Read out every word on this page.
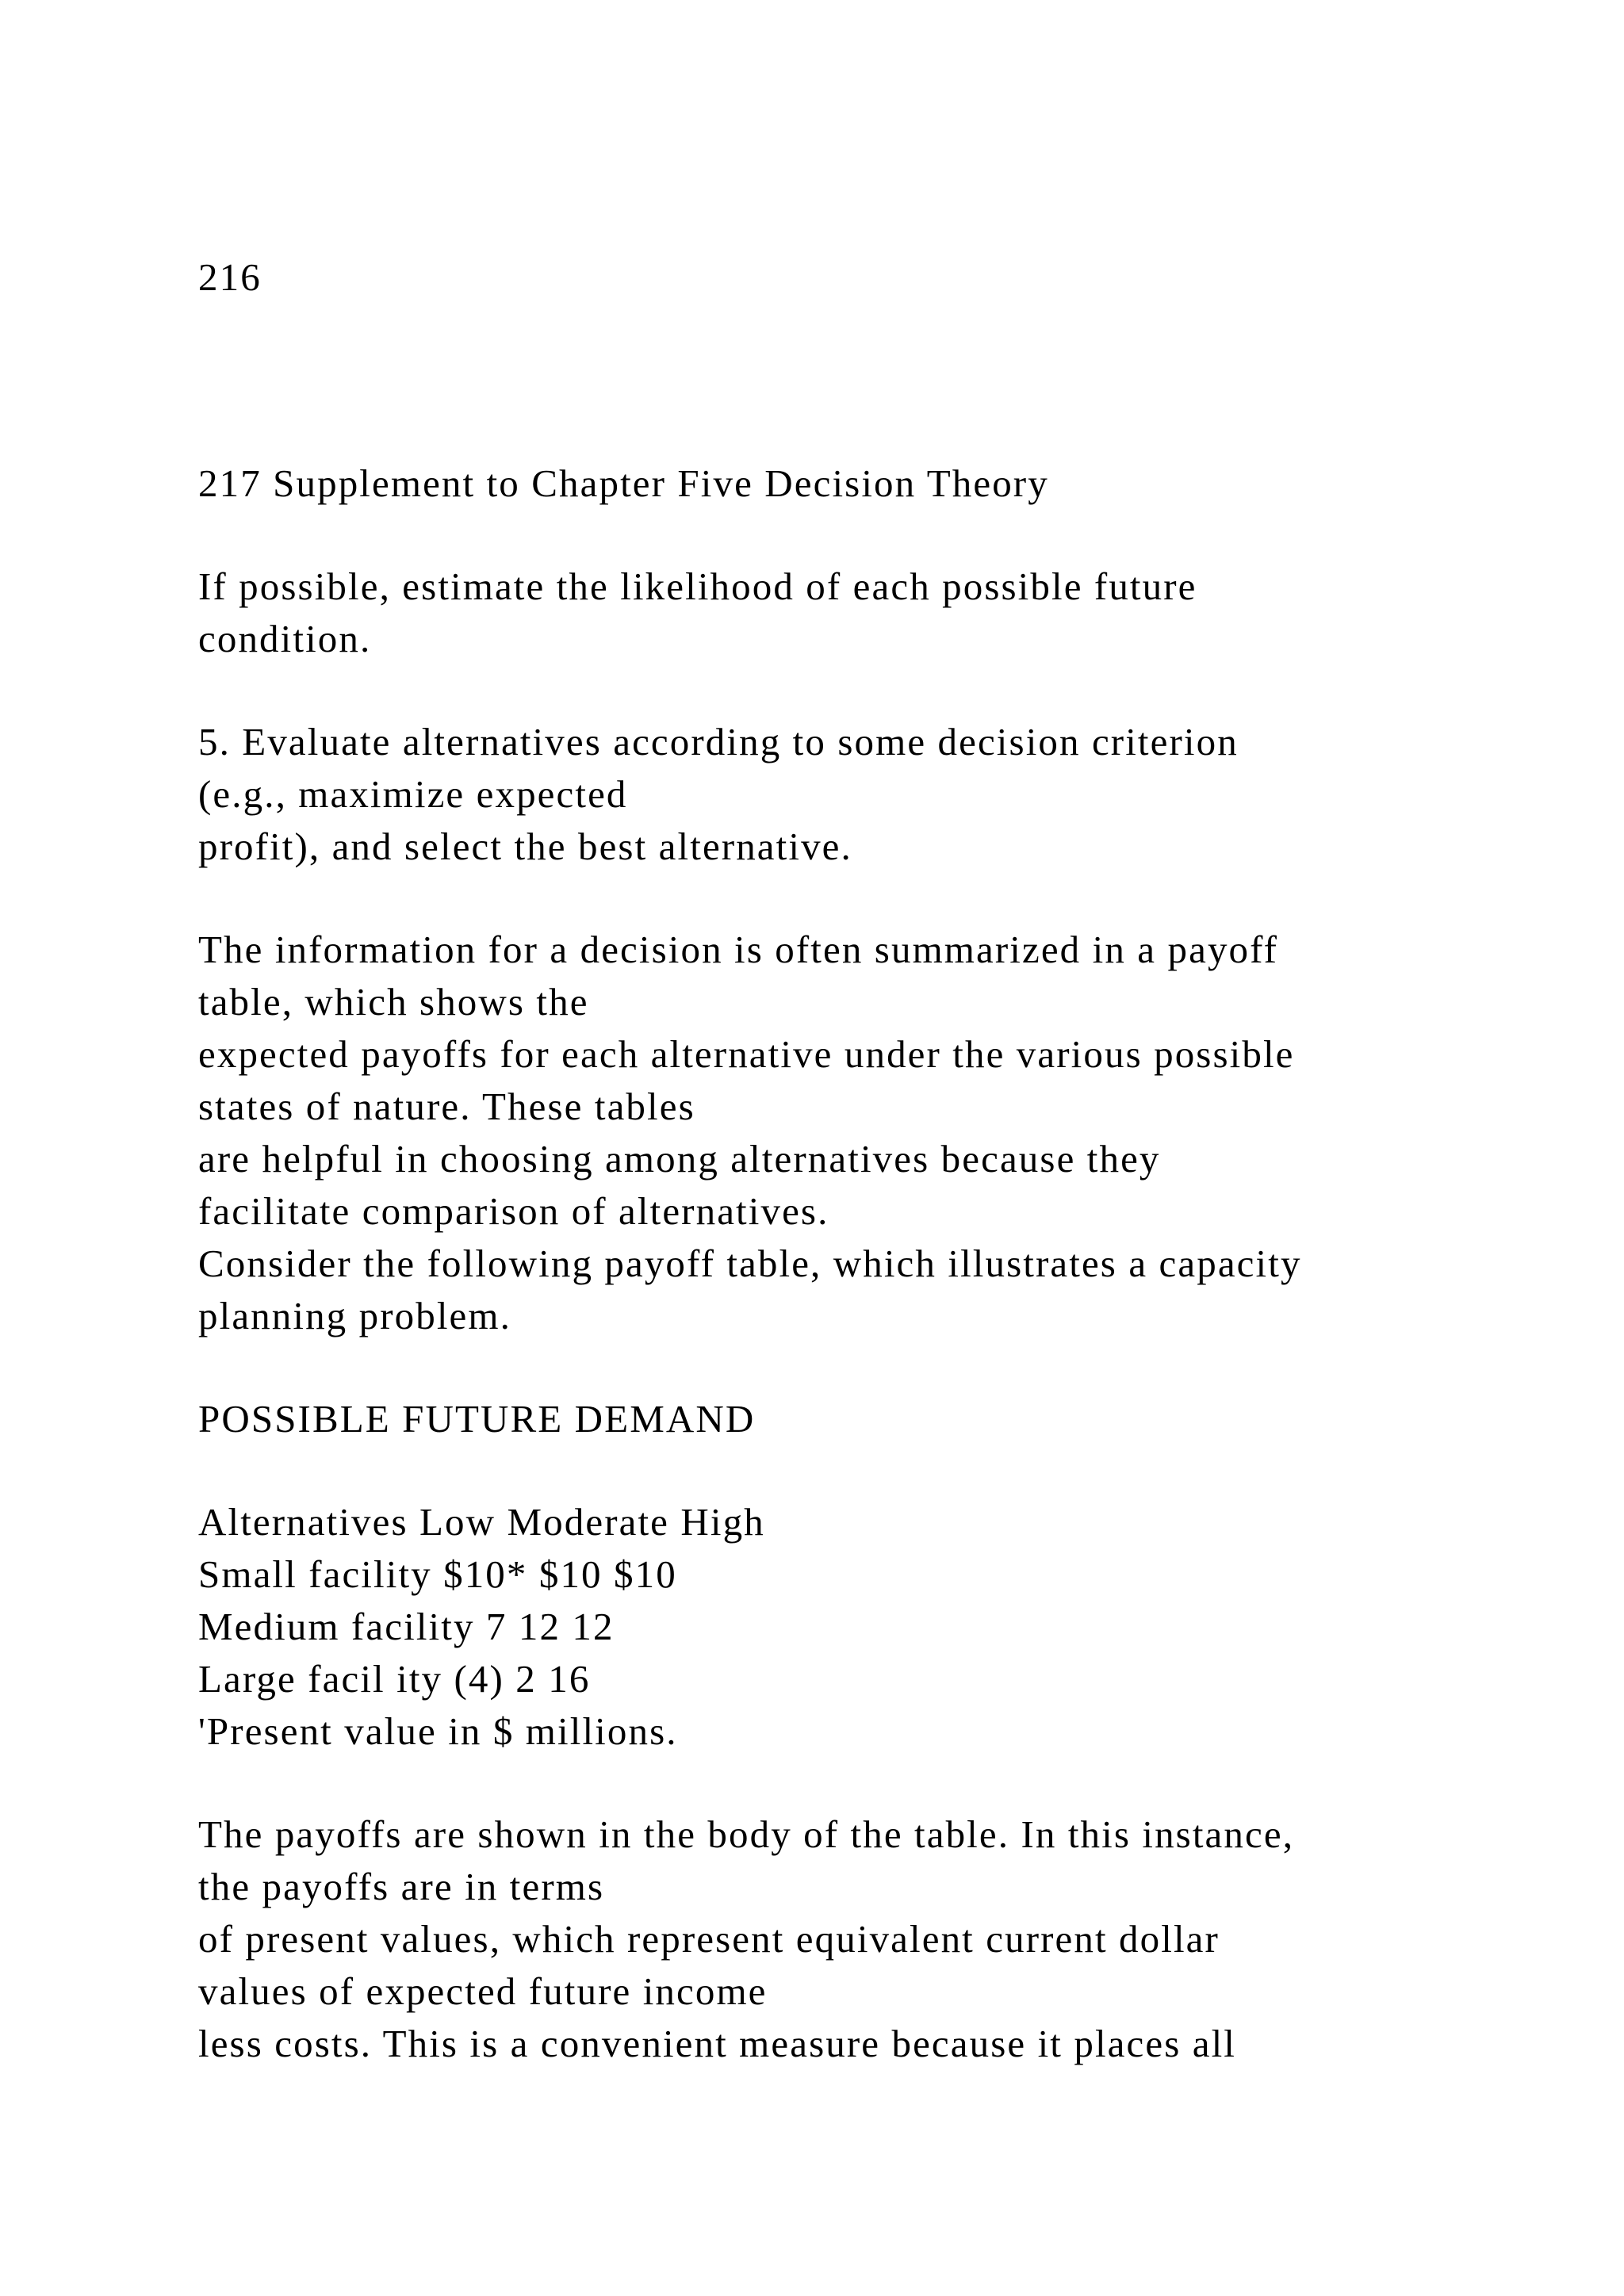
216

217 Supplement to Chapter Five Decision Theory

If possible, estimate the likelihood of each possible future

condition.

5. Evaluate alternatives according to some decision criterion

(e.g., maximize expected

profit), and select the best alternative.

The information for a decision is often summarized in a payoff

table, which shows the

expected payoffs for each alternative under the various possible

states of nature. These tables

are helpful in choosing among alternatives because they

facilitate comparison of alternatives.

Consider the following payoff table, which illustrates a capacity

planning problem.

POSSIBLE FUTURE DEMAND

Alternatives Low Moderate High

Small facility $10* $10 $10

Medium facility 7 12 12

Large facil ity (4) 2 16

'Present value in $ millions.

The payoffs are shown in the body of the table. In this instance,

the payoffs are in terms

of present values, which represent equivalent current dollar

values of expected future income

less costs. This is a convenient measure because it places all
